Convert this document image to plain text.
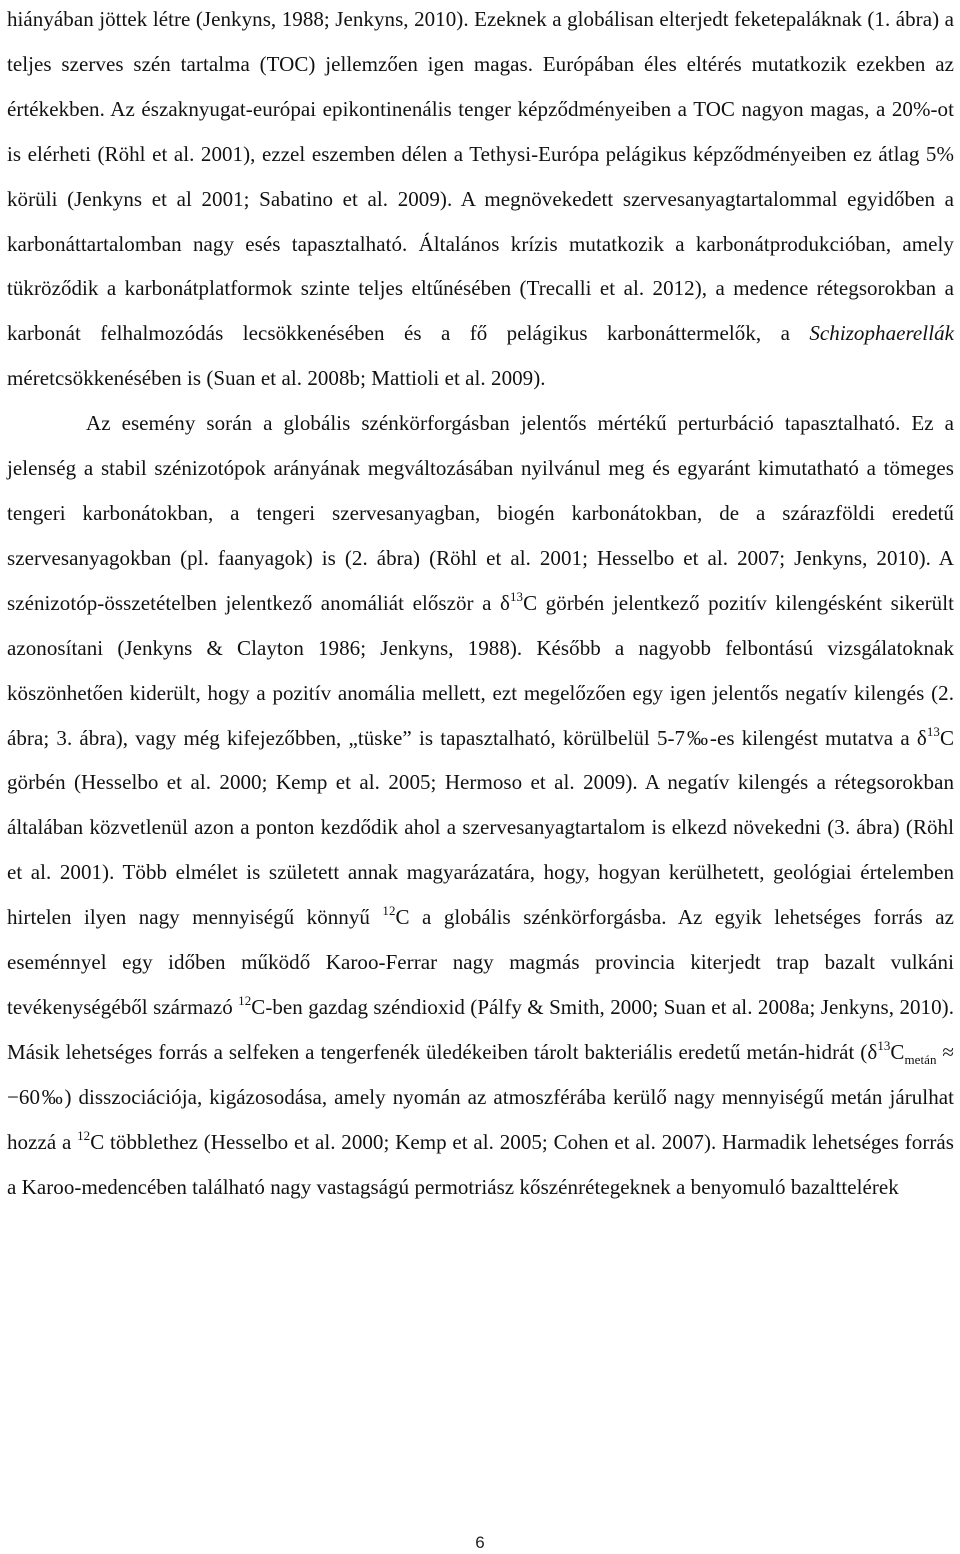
hiányában jöttek létre (Jenkyns, 1988; Jenkyns, 2010). Ezeknek a globálisan elterjedt feketepaláknak (1. ábra) a teljes szerves szén tartalma (TOC) jellemzően igen magas. Európában éles eltérés mutatkozik ezekben az értékekben. Az északnyugat-európai epikontinenális tenger képződményeiben a TOC nagyon magas, a 20%-ot is elérheti (Röhl et al. 2001), ezzel eszemben délen a Tethysi-Európa pelágikus képződményeiben ez átlag 5% körüli (Jenkyns et al 2001; Sabatino et al. 2009). A megnövekedett szervesanyagtartalommal egyidőben a karbonáttartalomban nagy esés tapasztalható. Általános krízis mutatkozik a karbonátprodukcióban, amely tükröződik a karbonátplatformok szinte teljes eltűnésében (Trecalli et al. 2012), a medence rétegsorokban a karbonát felhalmozódás lecsökkenésében és a fő pelágikus karbonáttermelők, a Schizophaerellák méretcsökkenésében is (Suan et al. 2008b; Mattioli et al. 2009).

Az esemény során a globális szénkörforgásban jelentős mértékű perturbáció tapasztalható. Ez a jelenség a stabil szénizotópok arányának megváltozásában nyilvánul meg és egyaránt kimutatható a tömeges tengeri karbonátokban, a tengeri szervesanyagban, biogén karbonátokban, de a szárazföldi eredetű szervesanyagokban (pl. faanyagok) is (2. ábra) (Röhl et al. 2001; Hesselbo et al. 2007; Jenkyns, 2010). A szénizotóp-összetételben jelentkező anomáliát először a $\delta^{13}C$ görbén jelentkező pozitív kilengésként sikerült azonosítani (Jenkyns & Clayton 1986; Jenkyns, 1988). Később a nagyobb felbontású vizsgálatoknak köszönhetően kiderült, hogy a pozitív anomália mellett, ezt megelőzően egy igen jelentős negatív kilengés (2. ábra; 3. ábra), vagy még kifejezőbben, „tüske” is tapasztalható, körülbelül 5-7‰-es kilengést mutatva a $\delta^{13}C$ görbén (Hesselbo et al. 2000; Kemp et al. 2005; Hermoso et al. 2009). A negatív kilengés a rétegsorokban általában közvetlenül azon a ponton kezdődik ahol a szervesanyagtartalom is elkezd növekedni (3. ábra) (Röhl et al. 2001). Több elmélet is született annak magyarázatára, hogy, hogyan kerülhetett, geológiai értelemben hirtelen ilyen nagy mennyiségű könnyű $^{12}$C a globális szénkörforgásba. Az egyik lehetséges forrás az eseménnyel egy időben működő Karoo-Ferrar nagy magmás provincia kiterjedt trap bazalt vulkáni tevékenységéből származó $^{12}$C-ben gazdag széndioxid (Pálfy & Smith, 2000; Suan et al. 2008a; Jenkyns, 2010). Másik lehetséges forrás a selfeken a tengerfenék üledékeiben tárolt bakteriális eredetű metán-hidrát ($\delta^{13}C_{metán}$ ≈ −60‰) disszociációja, kigázosodása, amely nyomán az atmoszférába kerülő nagy mennyiségű metán járulhat hozzá a $^{12}$C többlethez (Hesselbo et al. 2000; Kemp et al. 2005; Cohen et al. 2007). Harmadik lehetséges forrás a Karoo-medencében található nagy vastagságú permotriász kőszénrétegeknek a benyomuló bazalttelérek

6
